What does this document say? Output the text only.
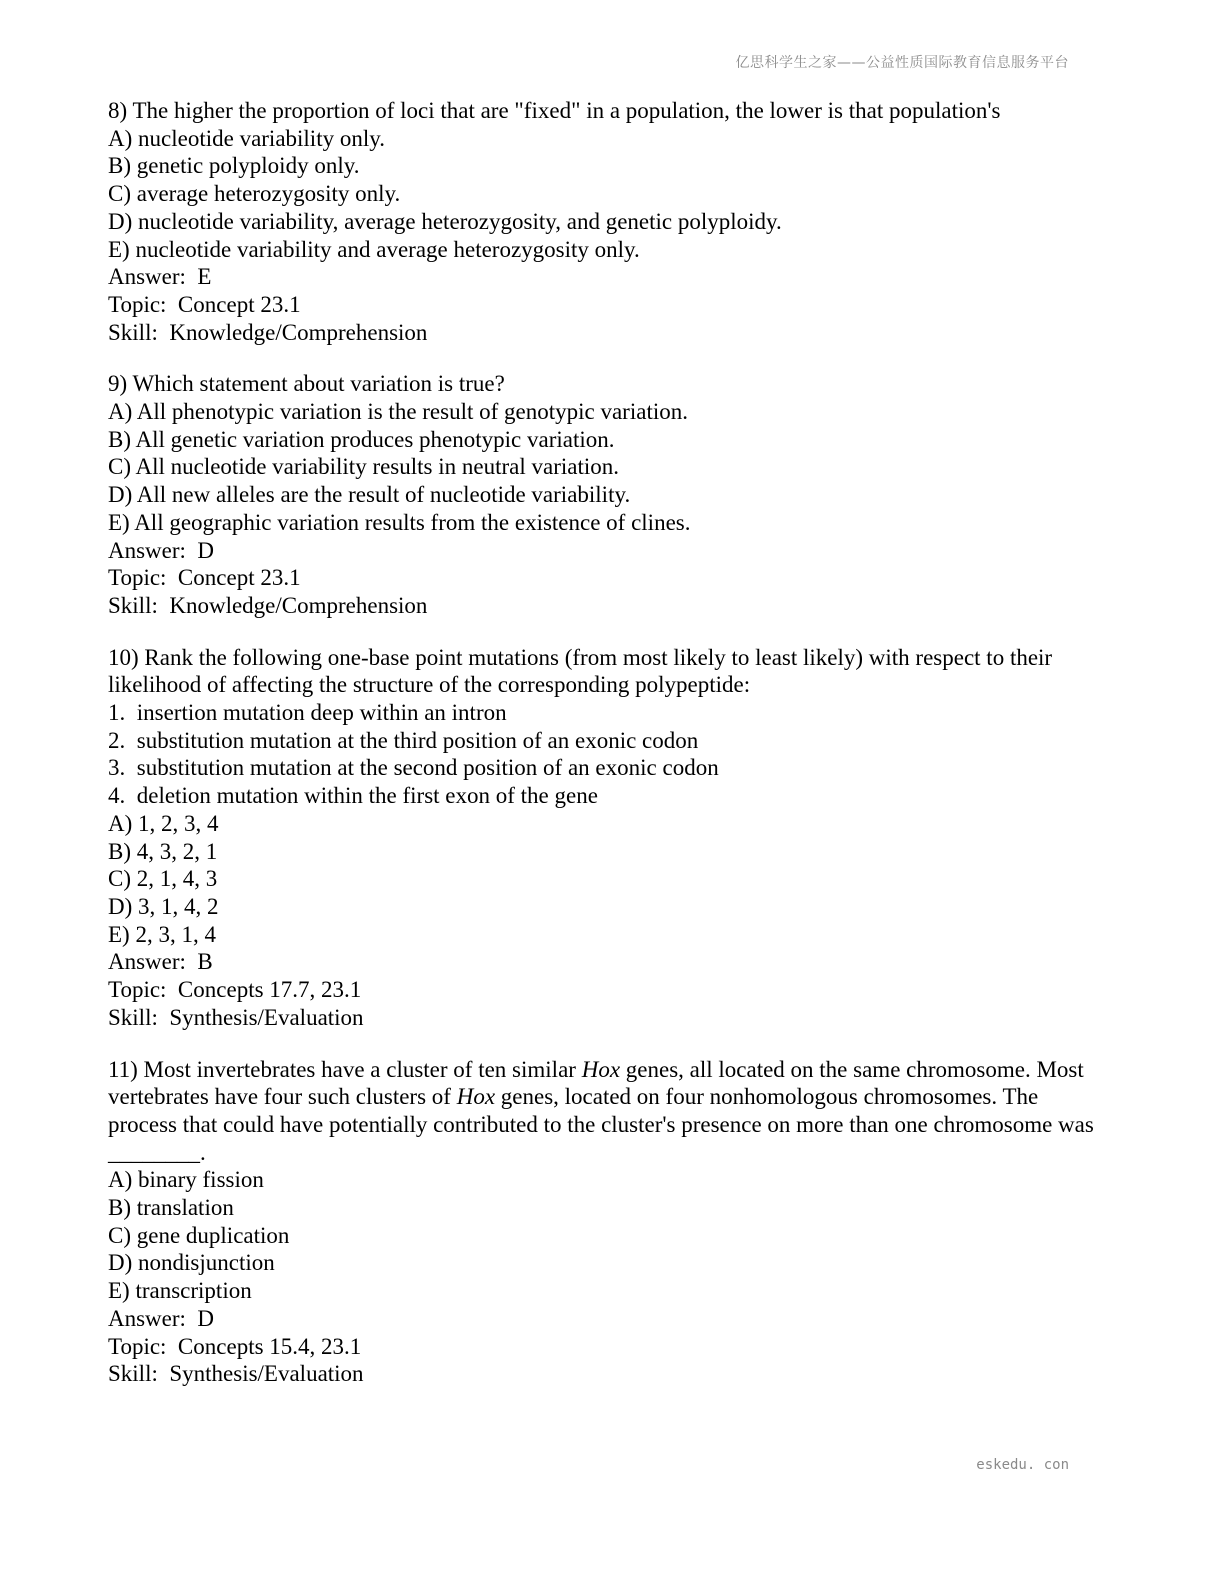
亿思科学生之家——公益性质国际教育信息服务平台
8) The higher the proportion of loci that are "fixed" in a population, the lower is that population's
A) nucleotide variability only.
B) genetic polyploidy only.
C) average heterozygosity only.
D) nucleotide variability, average heterozygosity, and genetic polyploidy.
E) nucleotide variability and average heterozygosity only.
Answer:  E
Topic:  Concept 23.1
Skill:  Knowledge/Comprehension
9) Which statement about variation is true?
A) All phenotypic variation is the result of genotypic variation.
B) All genetic variation produces phenotypic variation.
C) All nucleotide variability results in neutral variation.
D) All new alleles are the result of nucleotide variability.
E) All geographic variation results from the existence of clines.
Answer:  D
Topic:  Concept 23.1
Skill:  Knowledge/Comprehension
10) Rank the following one-base point mutations (from most likely to least likely) with respect to their likelihood of affecting the structure of the corresponding polypeptide:
1.  insertion mutation deep within an intron
2.  substitution mutation at the third position of an exonic codon
3.  substitution mutation at the second position of an exonic codon
4.  deletion mutation within the first exon of the gene
A) 1, 2, 3, 4
B) 4, 3, 2, 1
C) 2, 1, 4, 3
D) 3, 1, 4, 2
E) 2, 3, 1, 4
Answer:  B
Topic:  Concepts 17.7, 23.1
Skill:  Synthesis/Evaluation
11) Most invertebrates have a cluster of ten similar Hox genes, all located on the same chromosome. Most vertebrates have four such clusters of Hox genes, located on four nonhomologous chromosomes. The process that could have potentially contributed to the cluster's presence on more than one chromosome was ________.
A) binary fission
B) translation
C) gene duplication
D) nondisjunction
E) transcription
Answer:  D
Topic:  Concepts 15.4, 23.1
Skill:  Synthesis/Evaluation
eskedu. con
